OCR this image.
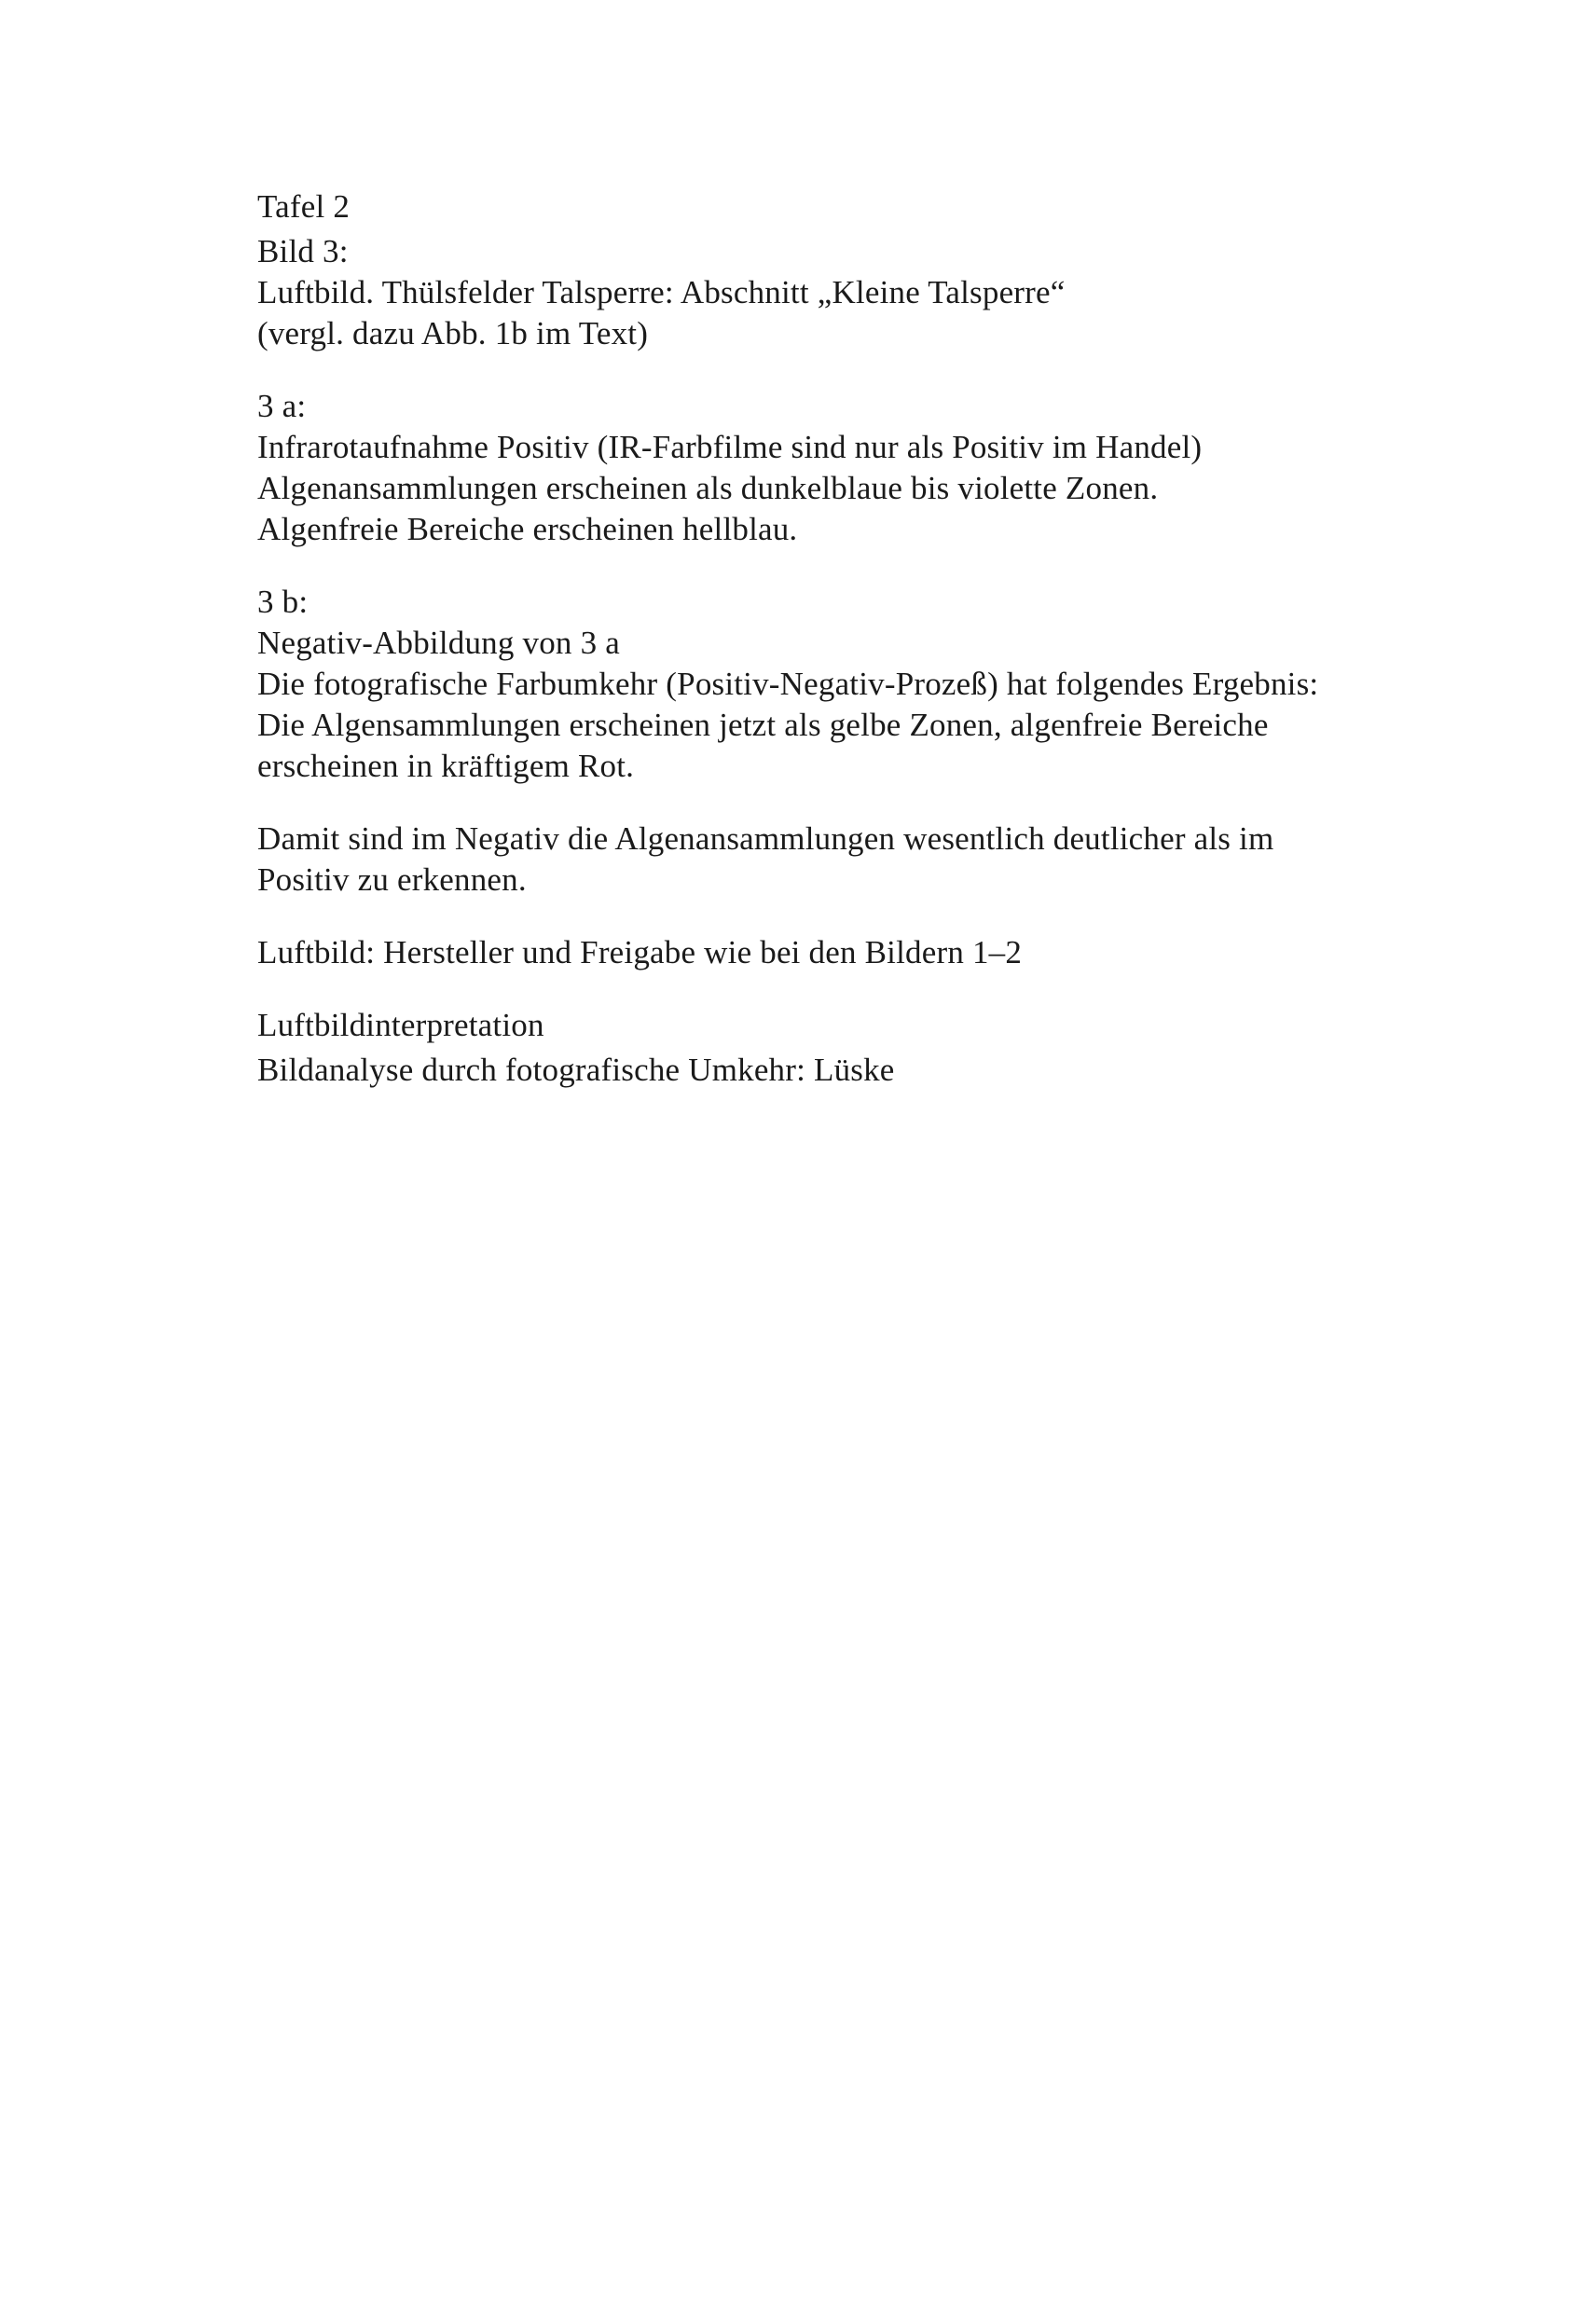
Tafel 2
Bild 3:
Luftbild. Thülsfelder Talsperre: Abschnitt „Kleine Talsperre“
(vergl. dazu Abb. 1b im Text)
3 a:
Infrarotaufnahme Positiv (IR-Farbfilme sind nur als Positiv im Handel)
Algenansammlungen erscheinen als dunkelblaue bis violette Zonen.
Algenfreie Bereiche erscheinen hellblau.
3 b:
Negativ-Abbildung von 3 a
Die fotografische Farbumkehr (Positiv-Negativ-Prozeß) hat folgendes Ergebnis:
Die Algensammlungen erscheinen jetzt als gelbe Zonen, algenfreie Bereiche
erscheinen in kräftigem Rot.
Damit sind im Negativ die Algenansammlungen wesentlich deutlicher als im
Positiv zu erkennen.
Luftbild: Hersteller und Freigabe wie bei den Bildern 1–2
Luftbildinterpretation
Bildanalyse durch fotografische Umkehr: Lüske
